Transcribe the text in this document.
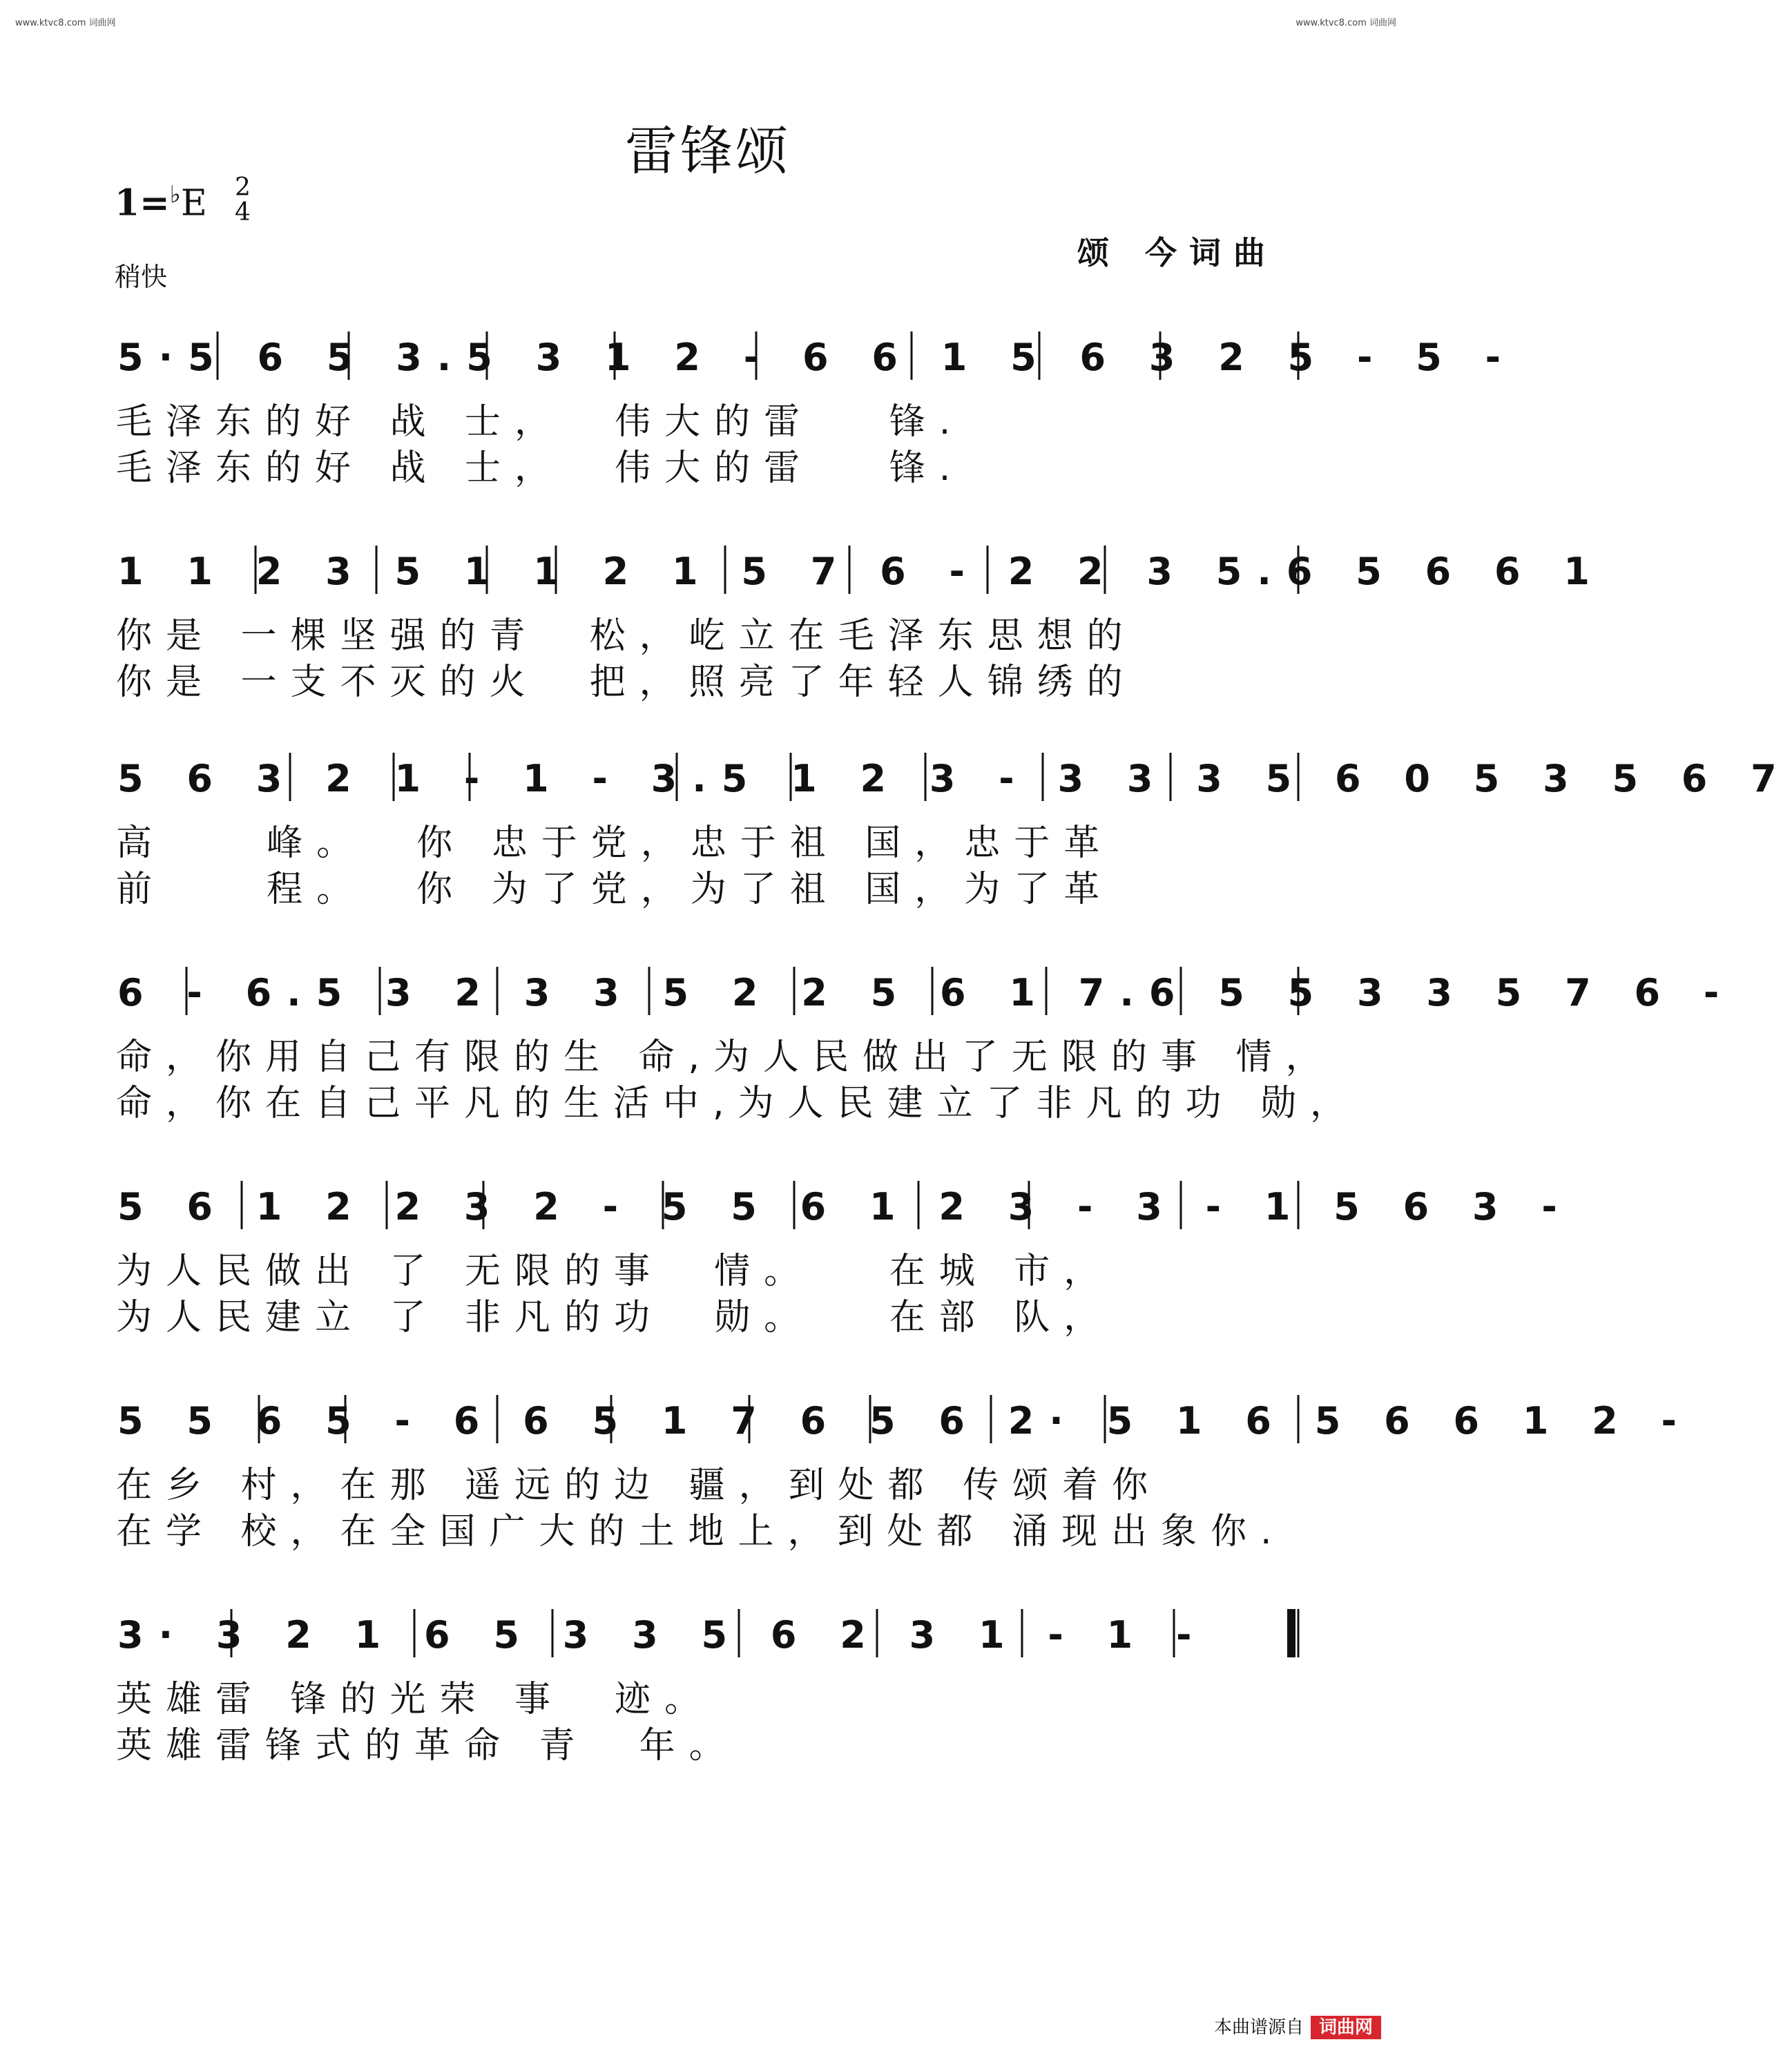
www.ktvc8.com 词曲网	www.ktvc8.com 词曲网
雷锋颂
1=♭E 2
4
稍快
颂 今词曲
5·5 6 5 3.5 3 1 2 - 6 6 1 5 6 3 2 5 - 5 -
毛泽东的好 战 士，  伟大的雷   锋.
毛泽东的好 战 士，  伟大的雷   锋.
1 1 2 3 5 1 1 2 1 5 7 6 - 2 2 3 5.6 5 6 6 1
你是 一棵坚强的青  松，屹立在毛泽东思想的
你是 一支不灭的火  把，照亮了年轻人锦绣的
5 6 3 2 1 - 1 - 3.5 1 2 3 - 3 3 3 5 6 0 5 3 5 6 7
高    峰。  你 忠于党，忠于祖 国，忠于革
前    程。  你 为了党，为了祖 国，为了革
6 - 6.5 3 2 3 3 5 2 2 5 6 1 7.6 5 5 3 3 5 7 6 -
命，你用自己有限的生 命,为人民做出了无限的事 情，
命，你在自己平凡的生活中,为人民建立了非凡的功 勋，
5 6 1 2 2 3 2 - 5 5 6 1 2 3 - 3 - 1 5 6 3 -
为人民做出 了 无限的事  情。   在城 市，
为人民建立 了 非凡的功  勋。   在部 队，
5 5 6 5 - 6 6 5 1 7 6 5 6 2· 5 1 6 5 6 6 1 2 -
在乡 村，在那 遥远的边 疆，到处都 传颂着你
在学 校，在全国广大的土地上，到处都 涌现出象你.
3· 3 2 1 6 5 3 3 5 6 2 3 1 - 1 -
英雄雷 锋的光荣 事  迹。
英雄雷锋式的革命 青  年。
本曲谱源自 词曲网
